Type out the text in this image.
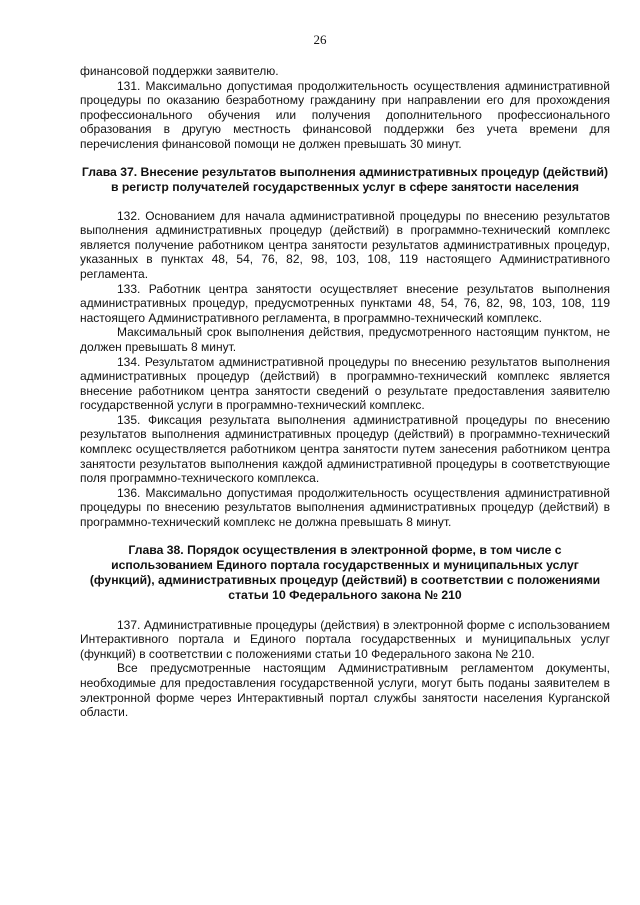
26

финансовой поддержки заявителю.

131. Максимально допустимая продолжительность осуществления административной процедуры по оказанию безработному гражданину при направлении его для прохождения профессионального обучения или получения дополнительного профессионального образования в другую местность финансовой поддержки без учета времени для перечисления финансовой помощи не должен превышать 30 минут.

Глава 37. Внесение результатов выполнения административных процедур (действий) в регистр получателей государственных услуг в сфере занятости населения

132. Основанием для начала административной процедуры по внесению результатов выполнения административных процедур (действий) в программно-технический комплекс является получение работником центра занятости результатов административных процедур, указанных в пунктах 48, 54, 76, 82, 98, 103, 108, 119 настоящего Административного регламента.

133. Работник центра занятости осуществляет внесение результатов выполнения административных процедур, предусмотренных пунктами 48, 54, 76, 82, 98, 103, 108, 119 настоящего Административного регламента, в программно-технический комплекс.

Максимальный срок выполнения действия, предусмотренного настоящим пунктом, не должен превышать 8 минут.

134. Результатом административной процедуры по внесению результатов выполнения административных процедур (действий) в программно-технический комплекс является внесение работником центра занятости сведений о результате предоставления заявителю государственной услуги в программно-технический комплекс.

135. Фиксация результата выполнения административной процедуры по внесению результатов выполнения административных процедур (действий) в программно-технический комплекс осуществляется работником центра занятости путем занесения работником центра занятости результатов выполнения каждой административной процедуры в соответствующие поля программно-технического комплекса.

136. Максимально допустимая продолжительность осуществления административной процедуры по внесению результатов выполнения административных процедур (действий) в программно-технический комплекс не должна превышать 8 минут.

Глава 38. Порядок осуществления в электронной форме, в том числе с использованием Единого портала государственных и муниципальных услуг (функций), административных процедур (действий) в соответствии с положениями статьи 10 Федерального закона № 210

137. Административные процедуры (действия) в электронной форме с использованием Интерактивного портала и Единого портала государственных и муниципальных услуг (функций) в соответствии с положениями статьи 10 Федерального закона № 210.

Все предусмотренные настоящим Административным регламентом документы, необходимые для предоставления государственной услуги, могут быть поданы заявителем в электронной форме через Интерактивный портал службы занятости населения Курганской области.
